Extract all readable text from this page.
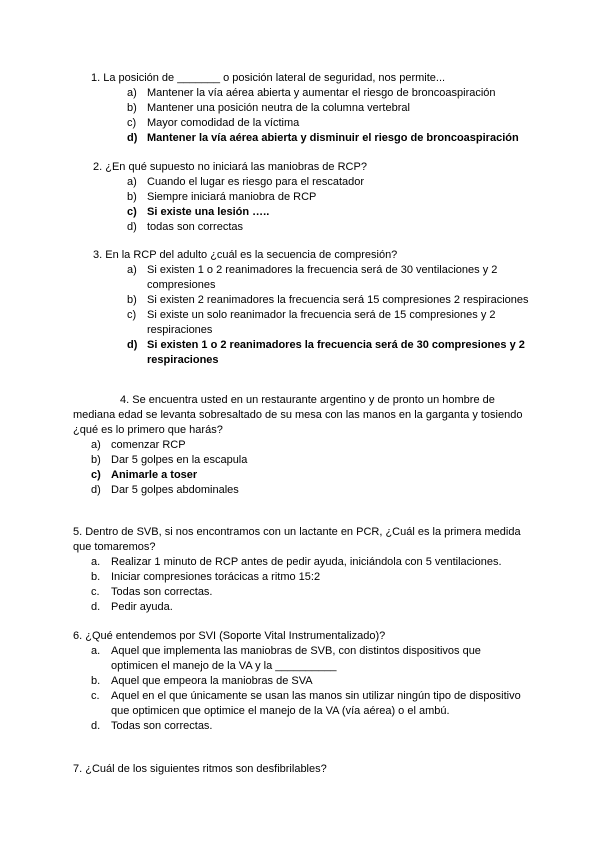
1. La posición de _______ o posición lateral de seguridad, nos permite...
a) Mantener la vía aérea abierta y aumentar el riesgo de broncoaspiración
b) Mantener una posición neutra de la columna vertebral
c) Mayor comodidad de la víctima
d) Mantener la vía aérea abierta y disminuir el riesgo de broncoaspiración
2. ¿En qué supuesto no iniciará las maniobras de RCP?
a) Cuando el lugar es riesgo para el rescatador
b) Siempre iniciará maniobra de RCP
c) Si existe una lesión …..
d) todas son correctas
3. En la RCP del adulto ¿cuál es la secuencia de compresión?
a) Si existen 1 o 2 reanimadores la frecuencia será de 30 ventilaciones y 2 compresiones
b) Si existen 2 reanimadores la frecuencia será 15 compresiones 2 respiraciones
c) Si existe un solo reanimador la frecuencia será de 15 compresiones y 2 respiraciones
d) Si existen 1 o 2 reanimadores la frecuencia será de 30 compresiones y 2 respiraciones
4. Se encuentra usted en un restaurante argentino y de pronto un hombre de mediana edad se levanta sobresaltado de su mesa con las manos en la garganta y tosiendo ¿qué es lo primero que harás?
a) comenzar RCP
b) Dar 5 golpes en la escapula
c) Animarle a toser
d) Dar 5 golpes abdominales
5. Dentro de SVB, si nos encontramos con un lactante en PCR, ¿Cuál es la primera medida que tomaremos?
a. Realizar 1 minuto de RCP antes de pedir ayuda, iniciándola con 5 ventilaciones.
b. Iniciar compresiones torácicas a ritmo 15:2
c. Todas son correctas.
d. Pedir ayuda.
6. ¿Qué entendemos por SVI (Soporte Vital Instrumentalizado)?
a. Aquel que implementa las maniobras de SVB, con distintos dispositivos que optimicen el manejo de la VA y la __________
b. Aquel que empeora la maniobras de SVA
c. Aquel en el que únicamente se usan las manos sin utilizar ningún tipo de dispositivo que optimicen que optimice el manejo de la VA (vía aérea) o el ambú.
d. Todas son correctas.
7. ¿Cuál de los siguientes ritmos son desfibrilables?
